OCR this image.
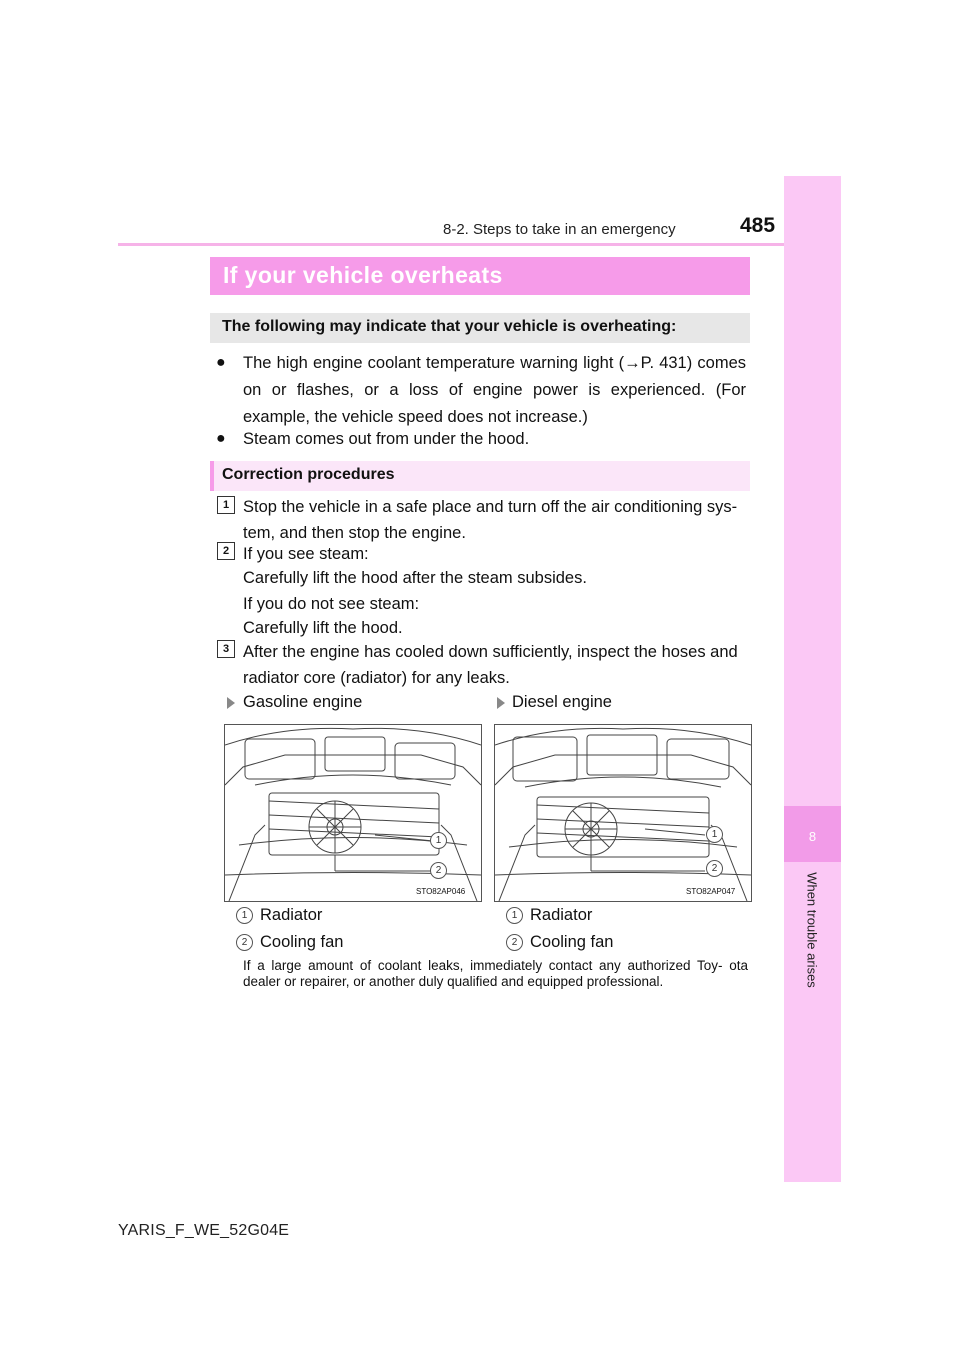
8-2. Steps to take in an emergency	485
8
When trouble arises
If your vehicle overheats
The following may indicate that your vehicle is overheating:
● The high engine coolant temperature warning light (→P. 431) comes on or flashes, or a loss of engine power is experienced. (For example, the vehicle speed does not increase.)
● Steam comes out from under the hood.
Correction procedures
1 Stop the vehicle in a safe place and turn off the air conditioning sys- tem, and then stop the engine.
2 If you see steam:
Carefully lift the hood after the steam subsides.
If you do not see steam:
Carefully lift the hood.
3 After the engine has cooled down sufficiently, inspect the hoses and radiator core (radiator) for any leaks.
Gasoline engine
1
2
STO82AP046
1 Radiator
2 Cooling fan
Diesel engine
1
2
STO82AP047
1 Radiator
2 Cooling fan
If a large amount of coolant leaks, immediately contact any authorized Toy- ota dealer or repairer, or another duly qualified and equipped professional.
YARIS_F_WE_52G04E
